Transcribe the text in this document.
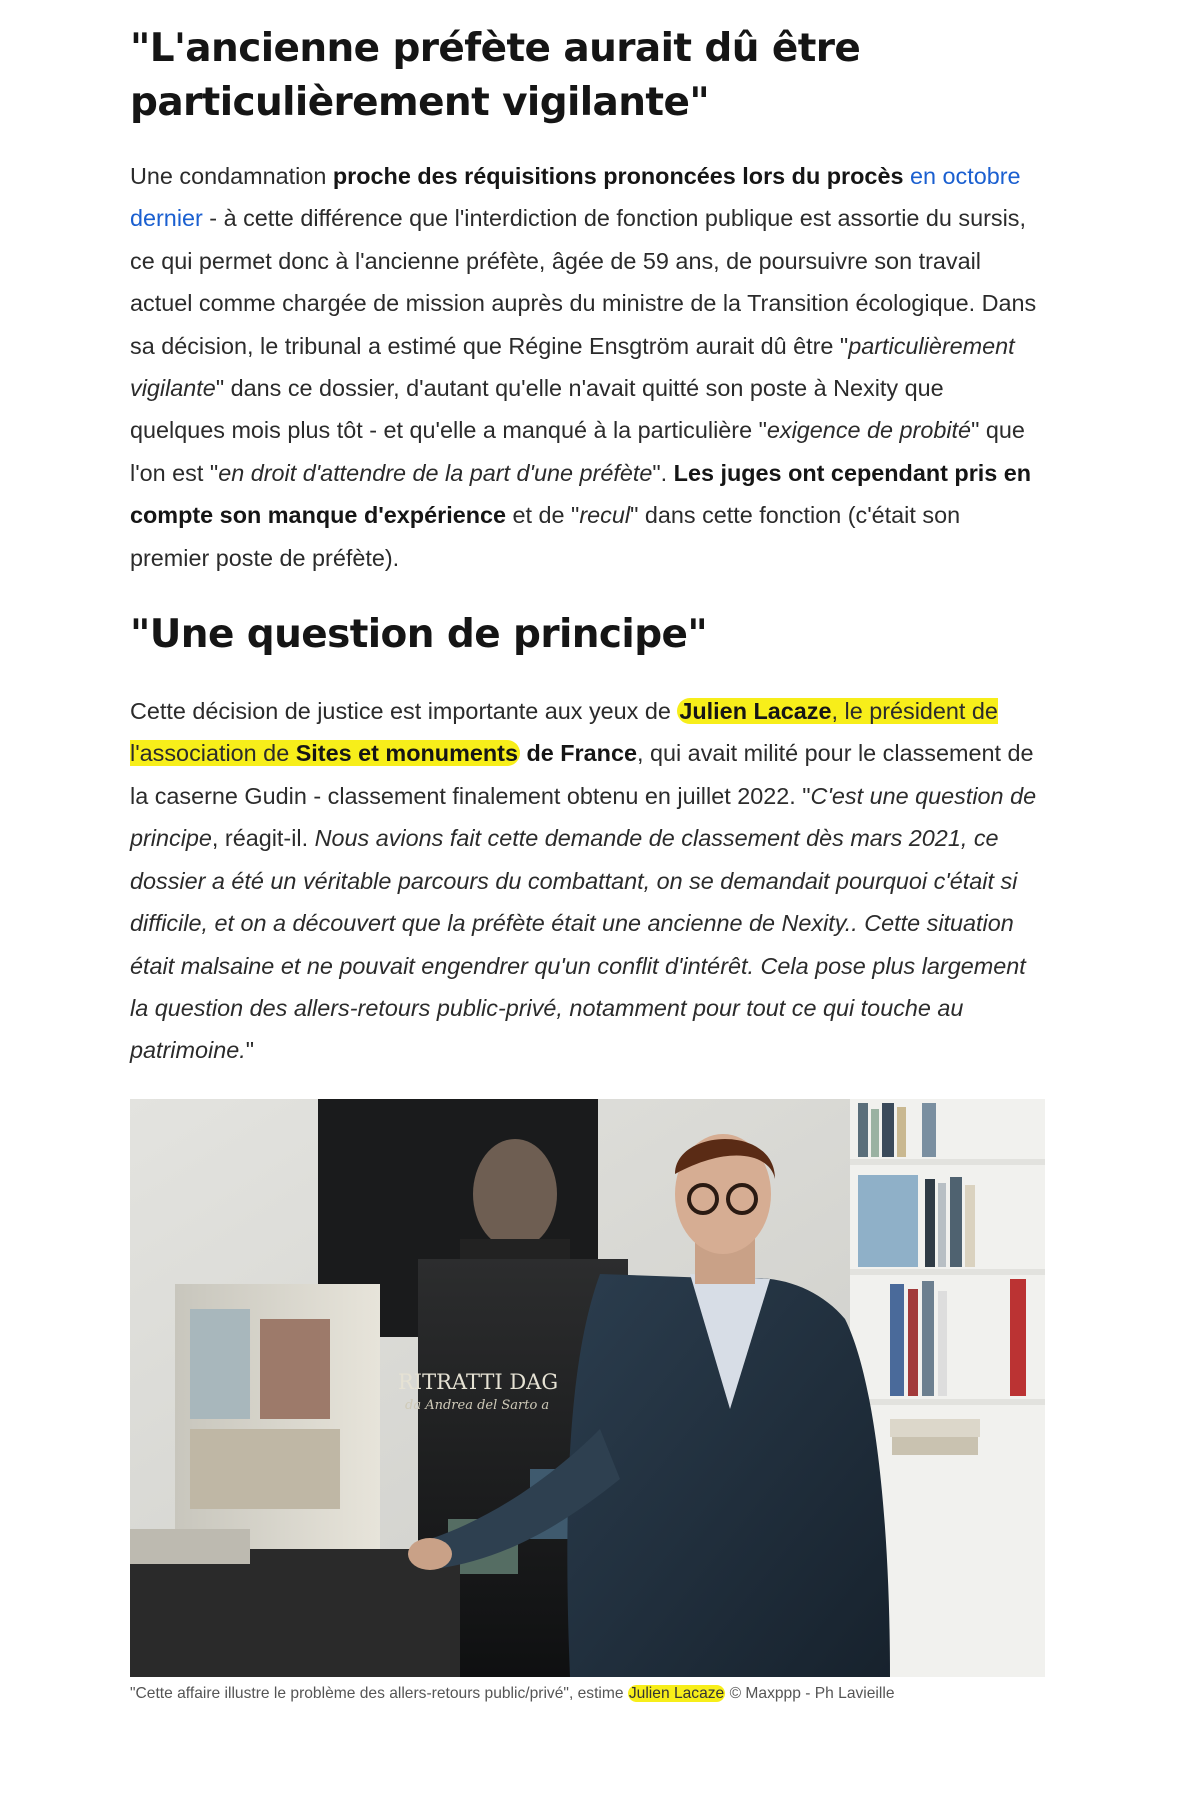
"L'ancienne préfète aurait dû être particulièrement vigilante"

Une condamnation proche des réquisitions prononcées lors du procès en octobre dernier - à cette différence que l'interdiction de fonction publique est assortie du sursis, ce qui permet donc à l'ancienne préfète, âgée de 59 ans, de poursuivre son travail actuel comme chargée de mission auprès du ministre de la Transition écologique. Dans sa décision, le tribunal a estimé que Régine Ensgtröm aurait dû être "particulièrement vigilante" dans ce dossier, d'autant qu'elle n'avait quitté son poste à Nexity que quelques mois plus tôt - et qu'elle a manqué à la particulière "exigence de probité" que l'on est "en droit d'attendre de la part d'une préfète". Les juges ont cependant pris en compte son manque d'expérience et de "recul" dans cette fonction (c'était son premier poste de préfète).

"Une question de principe"

Cette décision de justice est importante aux yeux de Julien Lacaze, le président de l'association de Sites et monuments de France, qui avait milité pour le classement de la caserne Gudin - classement finalement obtenu en juillet 2022. "C'est une question de principe, réagit-il. Nous avions fait cette demande de classement dès mars 2021, ce dossier a été un véritable parcours du combattant, on se demandait pourquoi c'était si difficile, et on a découvert que la préfète était une ancienne de Nexity.. Cette situation était malsaine et ne pouvait engendrer qu'un conflit d'intérêt. Cela pose plus largement la question des allers-retours public-privé, notamment pour tout ce qui touche au patrimoine."

RITRATTI DAG
da Andrea del Sarto a
"Cette affaire illustre le problème des allers-retours public/privé", estime Julien Lacaze © Maxppp - Ph Lavieille
